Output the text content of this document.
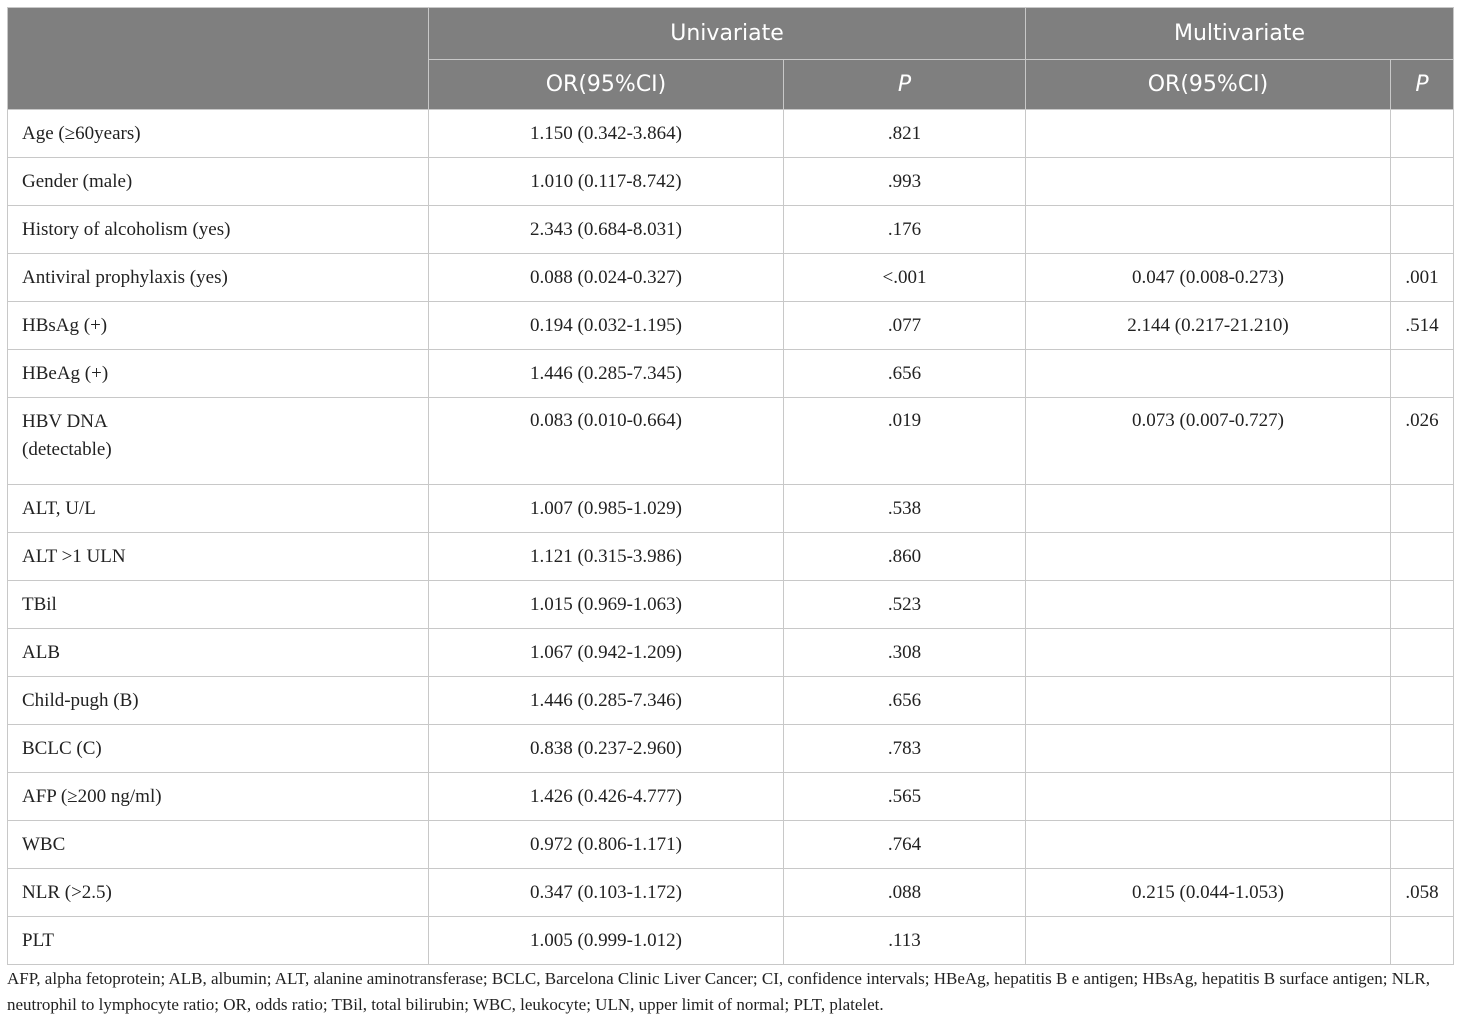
	Univariate		Multivariate	
	OR(95%CI)	P	OR(95%CI)	P
Age (≥60years)	1.150 (0.342-3.864)	.821		
Gender (male)	1.010 (0.117-8.742)	.993		
History of alcoholism (yes)	2.343 (0.684-8.031)	.176		
Antiviral prophylaxis (yes)	0.088 (0.024-0.327)	<.001	0.047 (0.008-0.273)	.001
HBsAg (+)	0.194 (0.032-1.195)	.077	2.144 (0.217-21.210)	.514
HBeAg (+)	1.446 (0.285-7.345)	.656		

HBV DNA
(detectable)	0.083 (0.010-0.664)	.019	0.073 (0.007-0.727)	.026
ALT, U/L	1.007 (0.985-1.029)	.538		
ALT >1 ULN	1.121 (0.315-3.986)	.860		
TBil	1.015 (0.969-1.063)	.523		
ALB	1.067 (0.942-1.209)	.308		
Child-pugh (B)	1.446 (0.285-7.346)	.656		
BCLC (C)	0.838 (0.237-2.960)	.783		
AFP (≥200 ng/ml)	1.426 (0.426-4.777)	.565		
WBC	0.972 (0.806-1.171)	.764		
NLR (>2.5)	0.347 (0.103-1.172)	.088	0.215 (0.044-1.053)	.058
PLT	1.005 (0.999-1.012)	.113		
AFP, alpha fetoprotein; ALB, albumin; ALT, alanine aminotransferase; BCLC, Barcelona Clinic Liver Cancer; CI, confidence intervals; HBeAg, hepatitis B e antigen; HBsAg, hepatitis B surface antigen; NLR, neutrophil to lymphocyte ratio; OR, odds ratio; TBil, total bilirubin; WBC, leukocyte; ULN, upper limit of normal; PLT, platelet.
